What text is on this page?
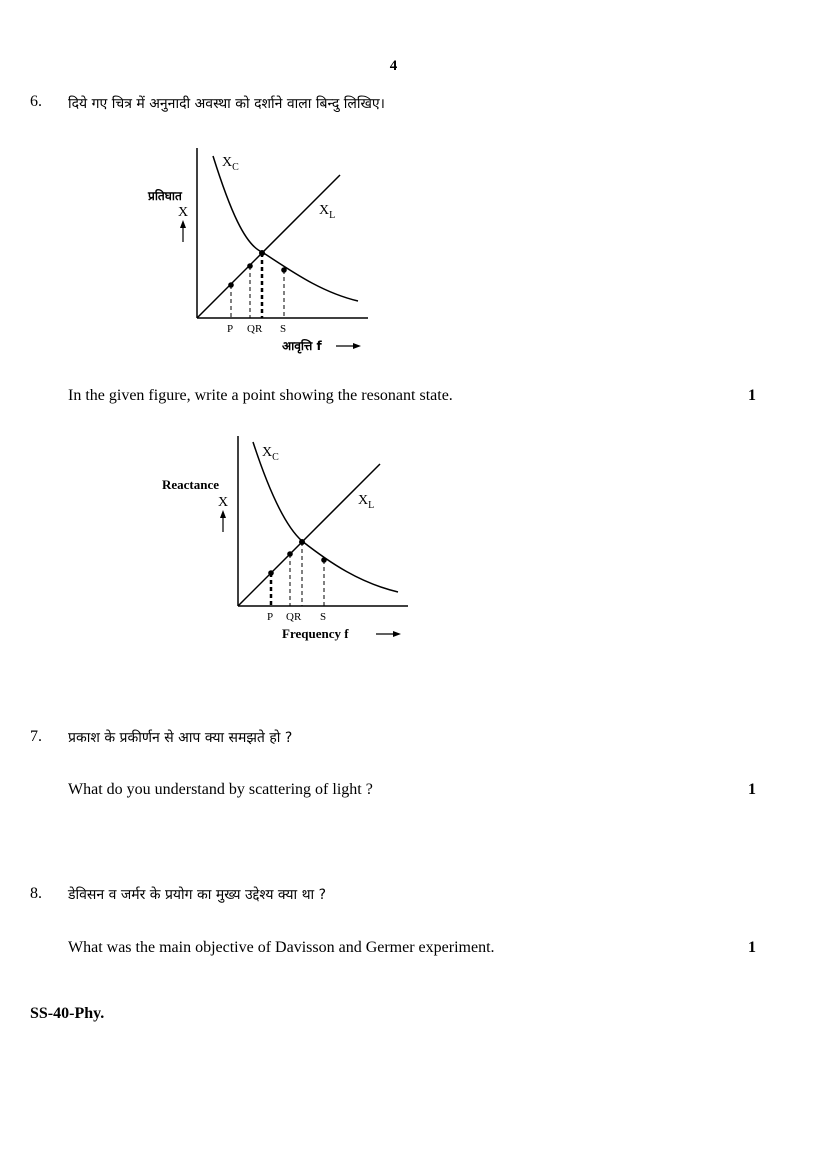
4
6. दिये गए चित्र में अनुनादी अवस्था को दर्शाने वाला बिन्दु लिखिए।
$X_C$
$X_L$
प्रतिघात
X
P QR S
आवृत्ति f
In the given figure, write a point showing the resonant state.	1
$X_C$
$X_L$
Reactance
X
P QR S
Frequency f
7. प्रकाश के प्रकीर्णन से आप क्या समझते हो ?
What do you understand by scattering of light ?	1
8. डेविसन व जर्मर के प्रयोग का मुख्य उद्देश्य क्या था ?
What was the main objective of Davisson and Germer experiment.	1
SS-40-Phy.
